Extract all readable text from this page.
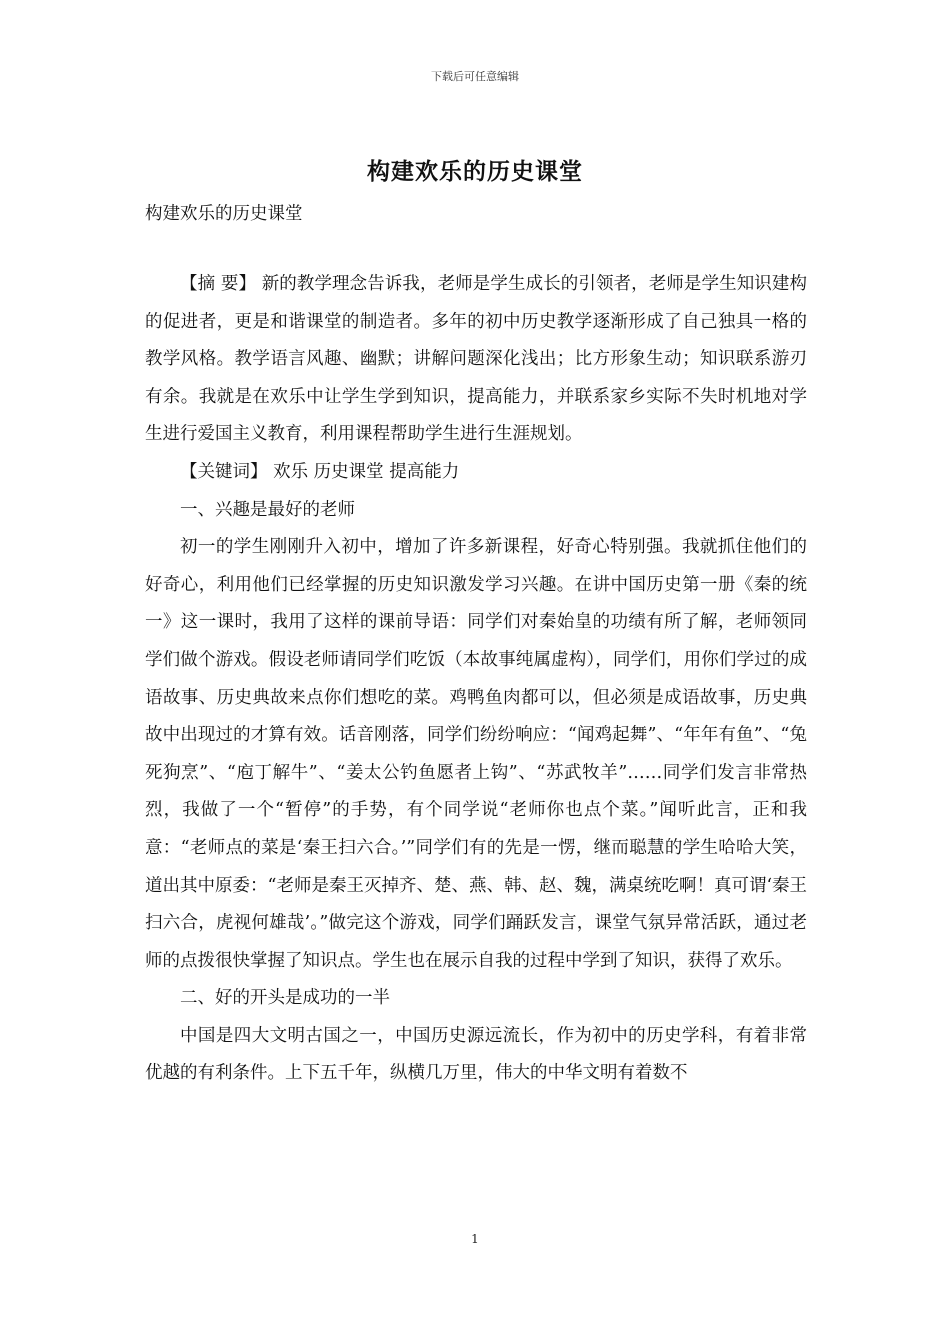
下载后可任意编辑
构建欢乐的历史课堂
构建欢乐的历史课堂

【摘 要】 新的教学理念告诉我，老师是学生成长的引领者，老师是学生知识建构的促进者，更是和谐课堂的制造者。多年的初中历史教学逐渐形成了自己独具一格的教学风格。教学语言风趣、幽默；讲解问题深化浅出；比方形象生动；知识联系游刃有余。我就是在欢乐中让学生学到知识，提高能力，并联系家乡实际不失时机地对学生进行爱国主义教育，利用课程帮助学生进行生涯规划。

【关键词】 欢乐 历史课堂 提高能力

一、兴趣是最好的老师

初一的学生刚刚升入初中，增加了许多新课程，好奇心特别强。我就抓住他们的好奇心，利用他们已经掌握的历史知识激发学习兴趣。在讲中国历史第一册《秦的统一》这一课时，我用了这样的课前导语：同学们对秦始皇的功绩有所了解，老师领同学们做个游戏。假设老师请同学们吃饭（本故事纯属虚构），同学们，用你们学过的成语故事、历史典故来点你们想吃的菜。鸡鸭鱼肉都可以，但必须是成语故事，历史典故中出现过的才算有效。话音刚落，同学们纷纷响应：“闻鸡起舞”、“年年有鱼”、“兔死狗烹”、“庖丁解牛”、“姜太公钓鱼愿者上钩”、“苏武牧羊”……同学们发言非常热烈，我做了一个“暂停”的手势，有个同学说“老师你也点个菜。”闻听此言，正和我意：“老师点的菜是‘秦王扫六合。’”同学们有的先是一愣，继而聪慧的学生哈哈大笑，道出其中原委：“老师是秦王灭掉齐、楚、燕、韩、赵、魏，满桌统吃啊！真可谓‘秦王扫六合，虎视何雄哉’。”做完这个游戏，同学们踊跃发言，课堂气氛异常活跃，通过老师的点拨很快掌握了知识点。学生也在展示自我的过程中学到了知识，获得了欢乐。

二、好的开头是成功的一半

中国是四大文明古国之一，中国历史源远流长，作为初中的历史学科，有着非常优越的有利条件。上下五千年，纵横几万里，伟大的中华文明有着数不

1
